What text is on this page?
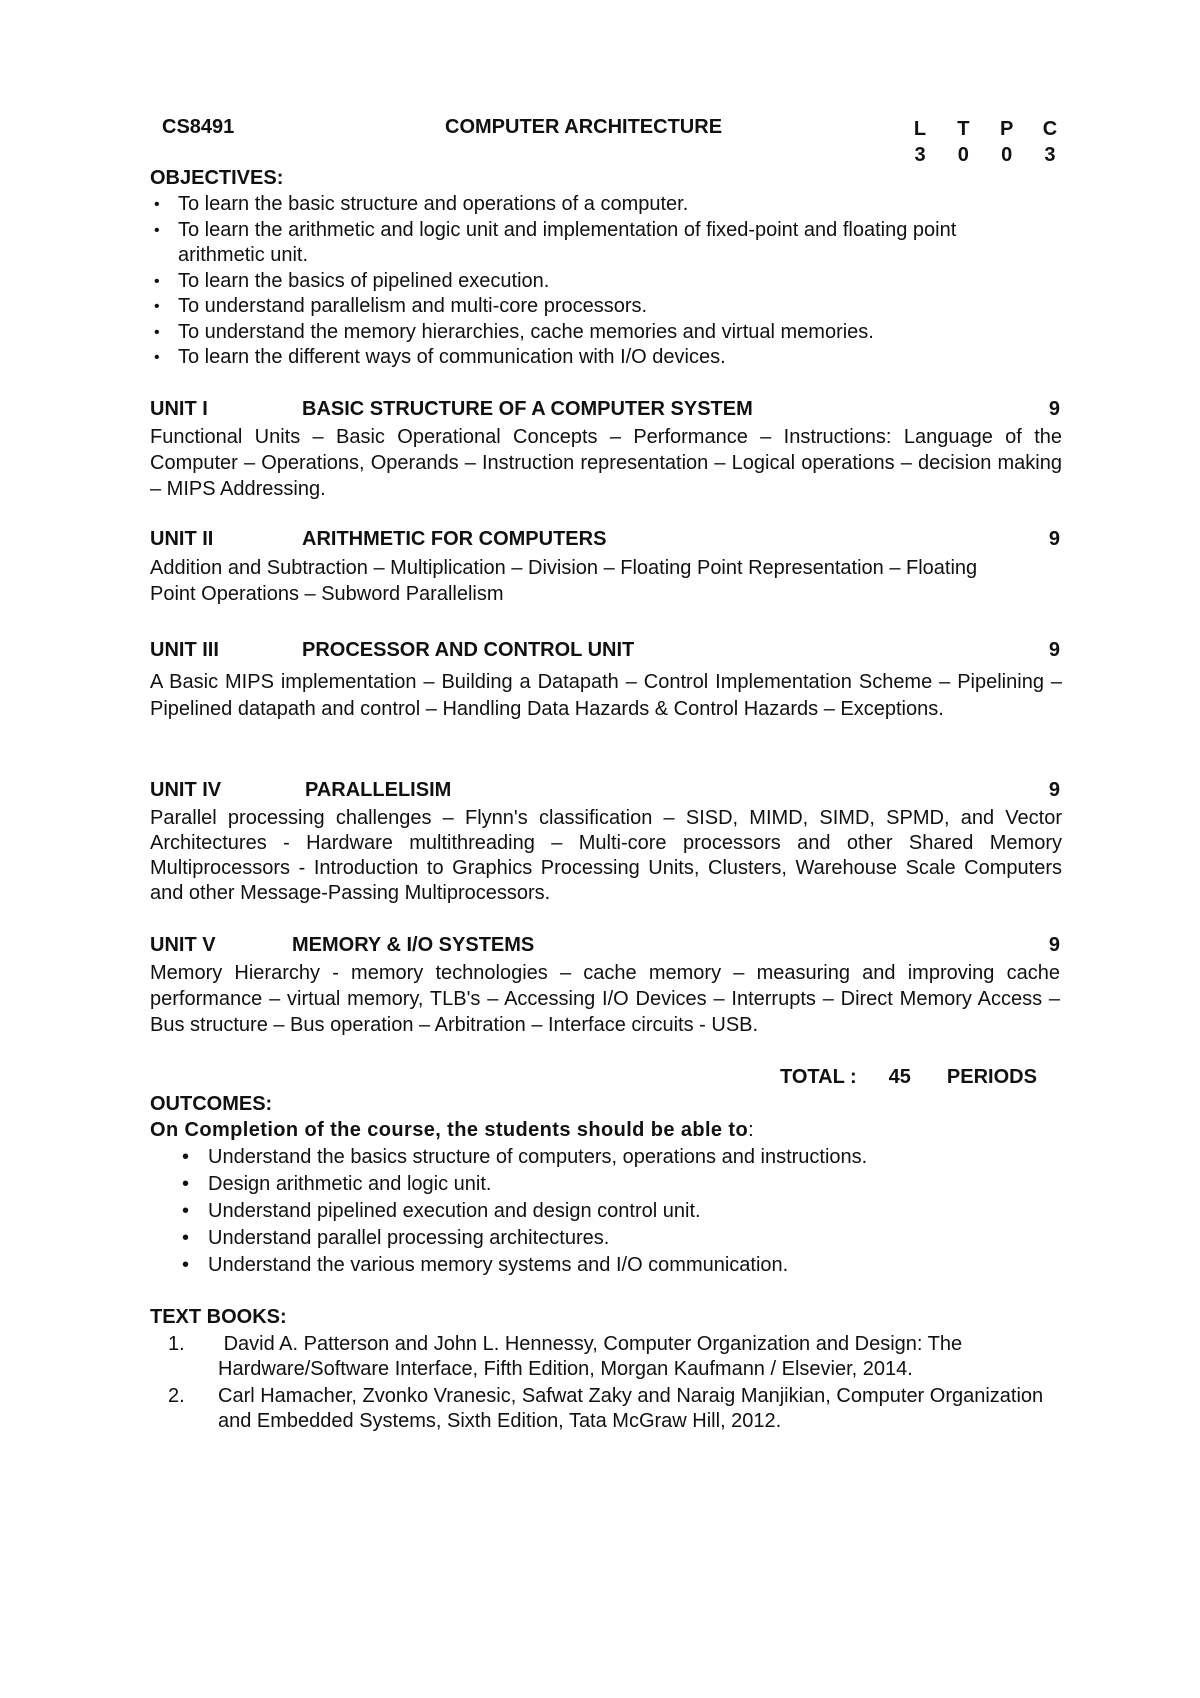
CS8491	COMPUTER ARCHITECTURE	L T P C
3 0 0 3
OBJECTIVES:
• To learn the basic structure and operations of a computer.
• To learn the arithmetic and logic unit and implementation of fixed-point and floating point arithmetic unit.
• To learn the basics of pipelined execution.
• To understand parallelism and multi-core processors.
• To understand the memory hierarchies, cache memories and virtual memories.
• To learn the different ways of communication with I/O devices.
UNIT I	BASIC STRUCTURE OF A COMPUTER SYSTEM	9
Functional Units – Basic Operational Concepts – Performance – Instructions: Language of the Computer – Operations, Operands – Instruction representation – Logical operations – decision making – MIPS Addressing.
UNIT II	ARITHMETIC FOR COMPUTERS	9
Addition and Subtraction – Multiplication – Division – Floating Point Representation – Floating Point Operations – Subword Parallelism
UNIT III	PROCESSOR AND CONTROL UNIT	9
A Basic MIPS implementation – Building a Datapath – Control Implementation Scheme – Pipelining – Pipelined datapath and control – Handling Data Hazards & Control Hazards – Exceptions.
UNIT IV	PARALLELISIM	9
Parallel processing challenges – Flynn's classification – SISD, MIMD, SIMD, SPMD, and Vector Architectures - Hardware multithreading – Multi-core processors and other Shared Memory Multiprocessors - Introduction to Graphics Processing Units, Clusters, Warehouse Scale Computers and other Message-Passing Multiprocessors.
UNIT V	MEMORY & I/O SYSTEMS	9
Memory Hierarchy - memory technologies – cache memory – measuring and improving cache performance – virtual memory, TLB's – Accessing I/O Devices – Interrupts – Direct Memory Access – Bus structure – Bus operation – Arbitration – Interface circuits - USB.
TOTAL : 45 PERIODS
OUTCOMES:
On Completion of the course, the students should be able to:
• Understand the basics structure of computers, operations and instructions.
• Design arithmetic and logic unit.
• Understand pipelined execution and design control unit.
• Understand parallel processing architectures.
• Understand the various memory systems and I/O communication.
TEXT BOOKS:
1. David A. Patterson and John L. Hennessy, Computer Organization and Design: The Hardware/Software Interface, Fifth Edition, Morgan Kaufmann / Elsevier, 2014.
2. Carl Hamacher, Zvonko Vranesic, Safwat Zaky and Naraig Manjikian, Computer Organization and Embedded Systems, Sixth Edition, Tata McGraw Hill, 2012.
